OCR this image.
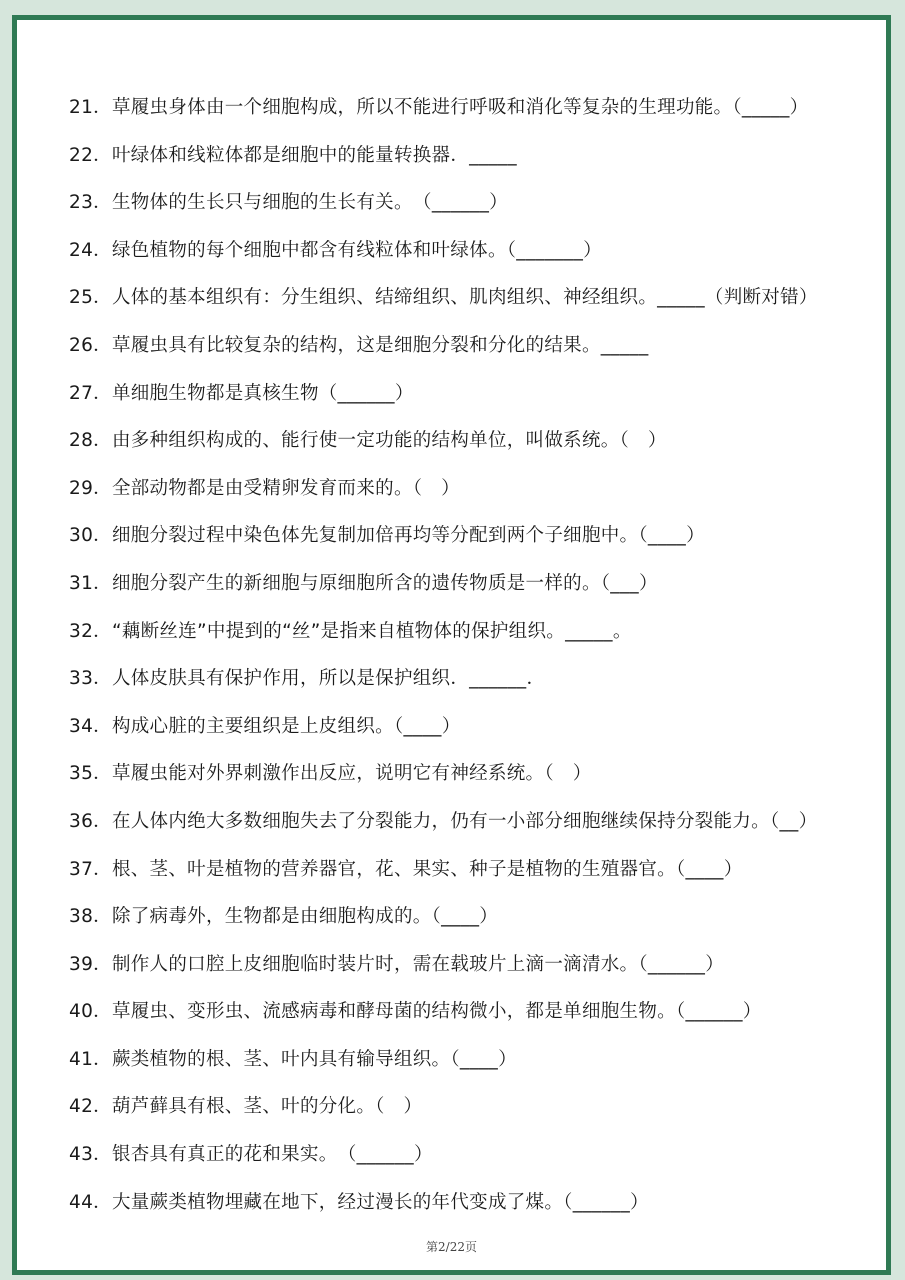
21．草履虫身体由一个细胞构成，所以不能进行呼吸和消化等复杂的生理功能。（_____）
22．叶绿体和线粒体都是细胞中的能量转换器．_____
23．生物体的生长只与细胞的生长有关。　（______）
24．绿色植物的每个细胞中都含有线粒体和叶绿体。（_______）
25．人体的基本组织有：分生组织、结缔组织、肌肉组织、神经组织。_____（判断对错）
26．草履虫具有比较复杂的结构，这是细胞分裂和分化的结果。_____
27．单细胞生物都是真核生物（______）
28．由多种组织构成的、能行使一定功能的结构单位，叫做系统。（　）
29．全部动物都是由受精卵发育而来的。（　）
30．细胞分裂过程中染色体先复制加倍再均等分配到两个子细胞中。（____）
31．细胞分裂产生的新细胞与原细胞所含的遗传物质是一样的。（___）
32．“藕断丝连”中提到的“丝”是指来自植物体的保护组织。_____。
33．人体皮肤具有保护作用，所以是保护组织．______．
34．构成心脏的主要组织是上皮组织。（____）
35．草履虫能对外界刺激作出反应，说明它有神经系统。（　）
36．在人体内绝大多数细胞失去了分裂能力，仍有一小部分细胞继续保持分裂能力。（__）
37．根、茎、叶是植物的营养器官，花、果实、种子是植物的生殖器官。（____）
38．除了病毒外，生物都是由细胞构成的。（____）
39．制作人的口腔上皮细胞临时装片时，需在载玻片上滴一滴清水。（______）
40．草履虫、变形虫、流感病毒和酵母菌的结构微小，都是单细胞生物。（______）
41．蕨类植物的根、茎、叶内具有输导组织。（____）
42．葫芦藓具有根、茎、叶的分化。（　）
43．银杏具有真正的花和果实。　（______）
44．大量蕨类植物埋藏在地下，经过漫长的年代变成了煤。（______）
第2/22页
